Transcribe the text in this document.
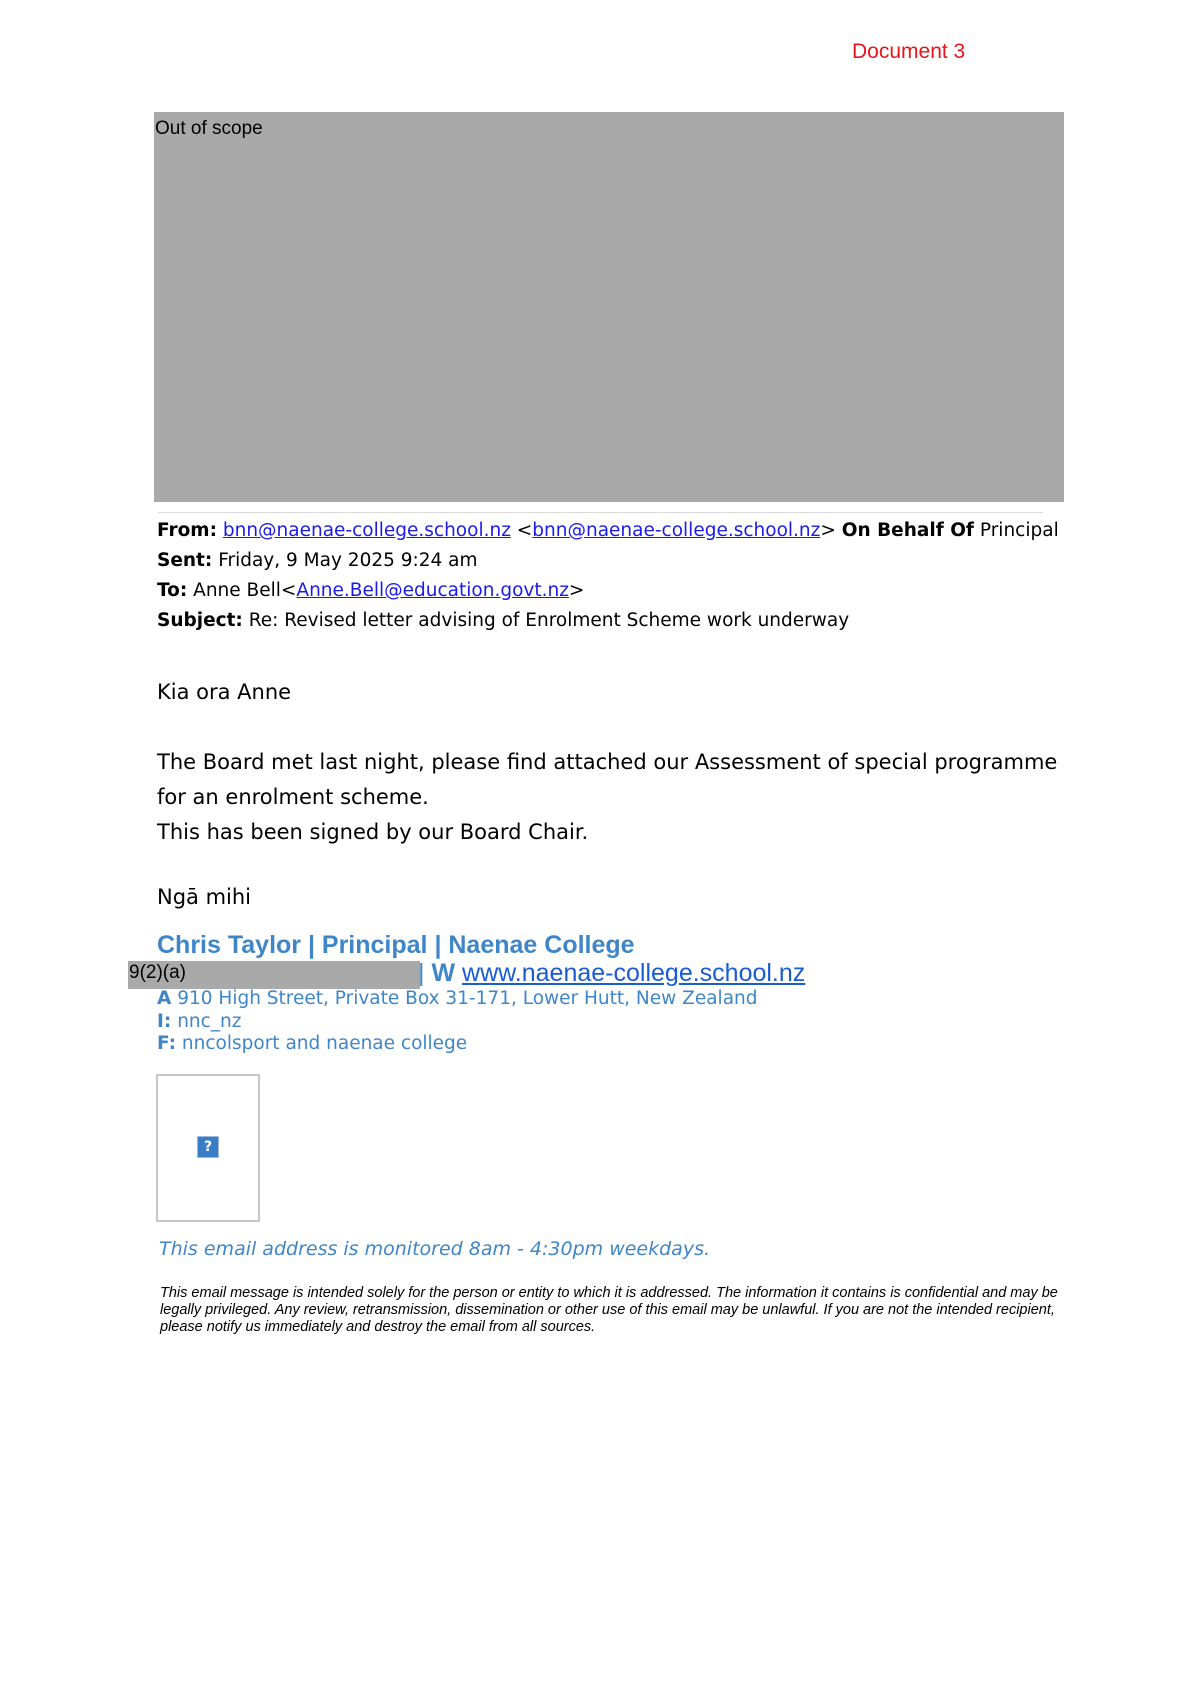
Document 3
Out of scope
From: bnn@naenae-college.school.nz <bnn@naenae-college.school.nz> On Behalf Of Principal
Sent: Friday, 9 May 2025 9:24 am
To: Anne Bell<Anne.Bell@education.govt.nz>
Subject: Re: Revised letter advising of Enrolment Scheme work underway
Kia ora Anne
The Board met last night, please find attached our Assessment of special programme
for an enrolment scheme.
This has been signed by our Board Chair.
Ngā mihi
Chris Taylor | Principal | Naenae College
9(2)(a)	| W www.naenae-college.school.nz
A 910 High Street, Private Box 31-171, Lower Hutt, New Zealand
I: nnc_nz
F: nncolsport and naenae college
?
This email address is monitored 8am - 4:30pm weekdays.
This email message is intended solely for the person or entity to which it is addressed. The information it contains is confidential and may be legally privileged. Any review, retransmission, dissemination or other use of this email may be unlawful. If you are not the intended recipient, please notify us immediately and destroy the email from all sources.
